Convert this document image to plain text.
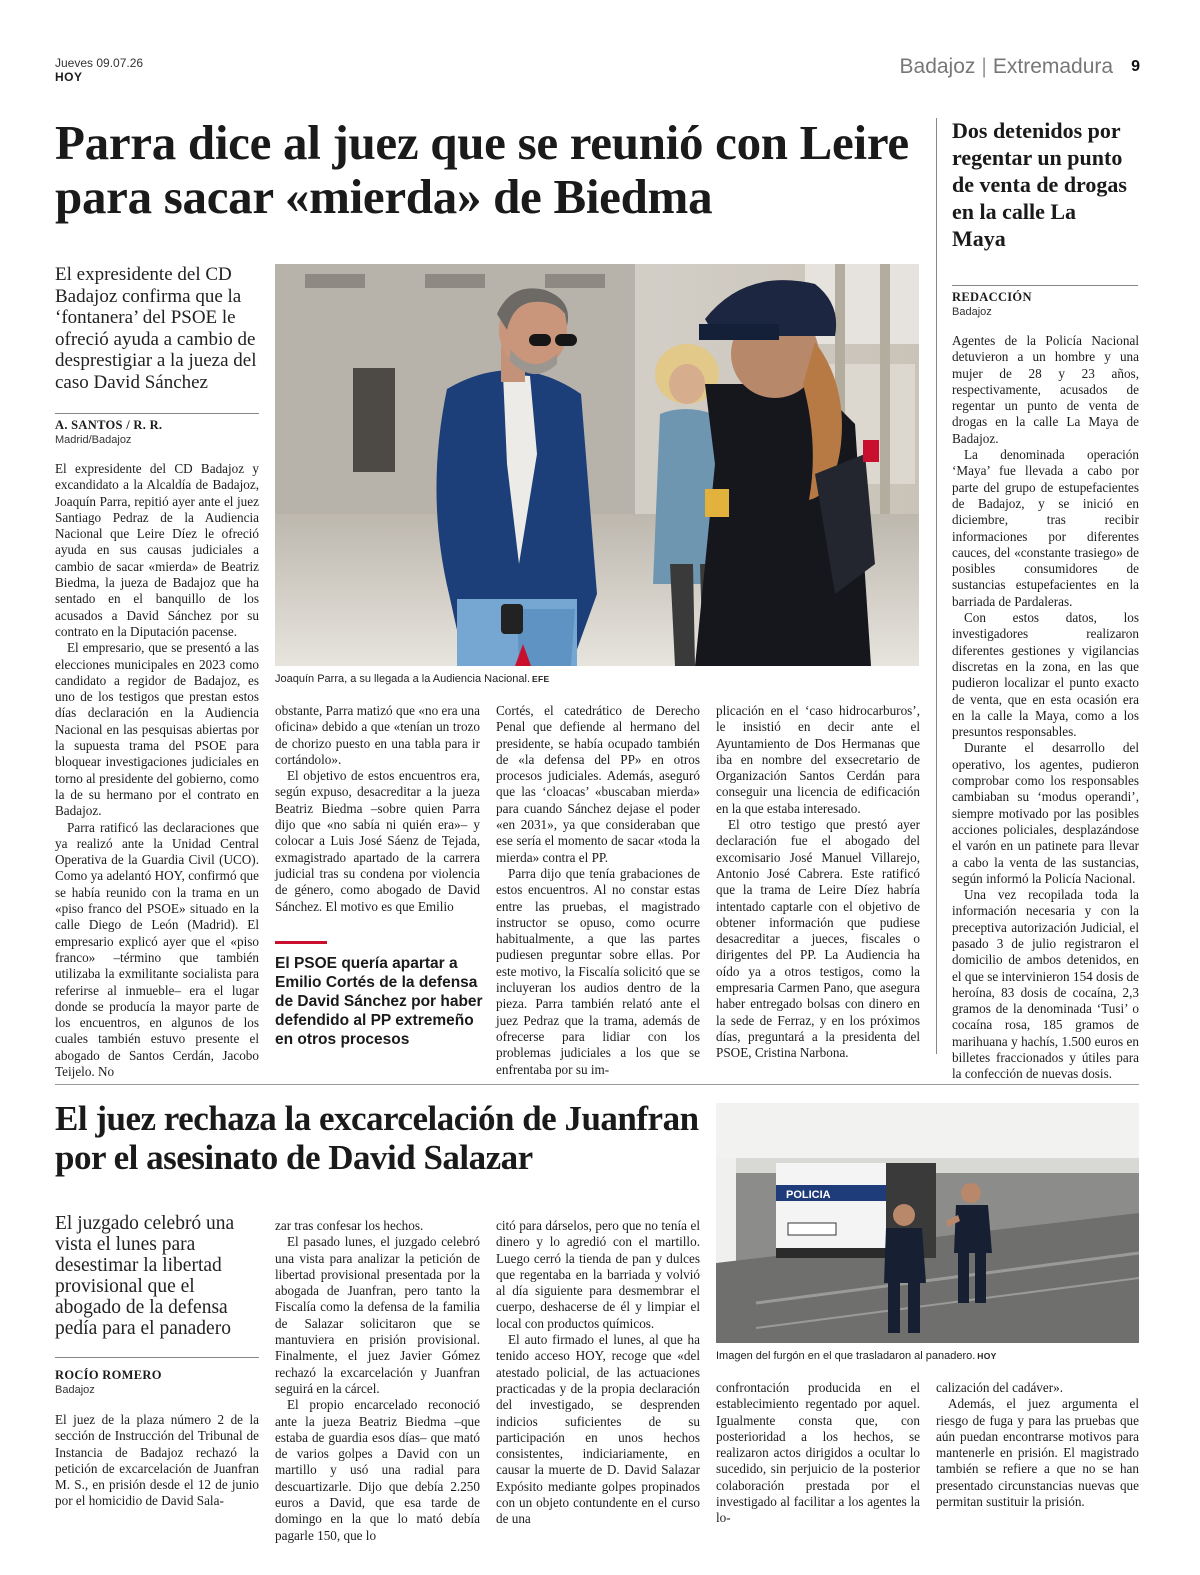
Jueves 09.07.26
HOY	Badajoz | Extremadura 9
Parra dice al juez que se reunió con Leire para sacar «mierda» de Biedma
El expresidente del CD Badajoz confirma que la ‘fontanera’ del PSOE le ofreció ayuda a cambio de desprestigiar a la jueza del caso David Sánchez
A. SANTOS / R. R.
Madrid/Badajoz
Joaquín Parra, a su llegada a la Audiencia Nacional. EFE

El expresidente del CD Badajoz y excandidato a la Alcaldía de Badajoz, Joaquín Parra, repitió ayer ante el juez Santiago Pedraz de la Audiencia Nacional que Leire Díez le ofreció ayuda en sus causas judiciales a cambio de sacar «mierda» de Beatriz Biedma, la jueza de Badajoz que ha sentado en el banquillo de los acusados a David Sánchez por su contrato en la Diputación pacense.

El empresario, que se presentó a las elecciones municipales en 2023 como candidato a regidor de Badajoz, es uno de los testigos que prestan estos días declaración en la Audiencia Nacional en las pesquisas abiertas por la supuesta trama del PSOE para bloquear investigaciones judiciales en torno al presidente del gobierno, como la de su hermano por el contrato en Badajoz.

Parra ratificó las declaraciones que ya realizó ante la Unidad Central Operativa de la Guardia Civil (UCO). Como ya adelantó HOY, confirmó que se había reunido con la trama en un «piso franco del PSOE» situado en la calle Diego de León (Madrid). El empresario explicó ayer que el «piso franco» –término que también utilizaba la exmilitante socialista para referirse al inmueble– era el lugar donde se producía la mayor parte de los encuentros, en algunos de los cuales también estuvo presente el abogado de Santos Cerdán, Jacobo Teijelo. No

obstante, Parra matizó que «no era una oficina» debido a que «tenían un trozo de chorizo puesto en una tabla para ir cortándolo».

El objetivo de estos encuentros era, según expuso, desacreditar a la jueza Beatriz Biedma –sobre quien Parra dijo que «no sabía ni quién era»– y colocar a Luis José Sáenz de Tejada, exmagistrado apartado de la carrera judicial tras su condena por violencia de género, como abogado de David Sánchez. El motivo es que Emilio

El PSOE quería apartar a Emilio Cortés de la defensa de David Sánchez por haber defendido al PP extremeño en otros procesos

Cortés, el catedrático de Derecho Penal que defiende al hermano del presidente, se había ocupado también de «la defensa del PP» en otros procesos judiciales. Además, aseguró que las ‘cloacas’ «buscaban mierda» para cuando Sánchez dejase el poder «en 2031», ya que consideraban que ese sería el momento de sacar «toda la mierda» contra el PP.

Parra dijo que tenía grabaciones de estos encuentros. Al no constar estas entre las pruebas, el magistrado instructor se opuso, como ocurre habitualmente, a que las partes pudiesen preguntar sobre ellas. Por este motivo, la Fiscalía solicitó que se incluyeran los audios dentro de la pieza. Parra también relató ante el juez Pedraz que la trama, además de ofrecerse para lidiar con los problemas judiciales a los que se enfrentaba por su im-

plicación en el ‘caso hidrocarburos’, le insistió en decir ante el Ayuntamiento de Dos Hermanas que iba en nombre del exsecretario de Organización Santos Cerdán para conseguir una licencia de edificación en la que estaba interesado.

El otro testigo que prestó ayer declaración fue el abogado del excomisario José Manuel Villarejo, Antonio José Cabrera. Este ratificó que la trama de Leire Díez habría intentado captarle con el objetivo de obtener información que pudiese desacreditar a jueces, fiscales o dirigentes del PP. La Audiencia ha oído ya a otros testigos, como la empresaria Carmen Pano, que asegura haber entregado bolsas con dinero en la sede de Ferraz, y en los próximos días, preguntará a la presidenta del PSOE, Cristina Narbona.

Dos detenidos por regentar un punto de venta de drogas en la calle La Maya
REDACCIÓN
Badajoz

Agentes de la Policía Nacional detuvieron a un hombre y una mujer de 28 y 23 años, respectivamente, acusados de regentar un punto de venta de drogas en la calle La Maya de Badajoz.

La denominada operación ‘Maya’ fue llevada a cabo por parte del grupo de estupefacientes de Badajoz, y se inició en diciembre, tras recibir informaciones por diferentes cauces, del «constante trasiego» de posibles consumidores de sustancias estupefacientes en la barriada de Pardaleras.

Con estos datos, los investigadores realizaron diferentes gestiones y vigilancias discretas en la zona, en las que pudieron localizar el punto exacto de venta, que en esta ocasión era en la calle la Maya, como a los presuntos responsables.

Durante el desarrollo del operativo, los agentes, pudieron comprobar como los responsables cambiaban su ‘modus operandi’, siempre motivado por las posibles acciones policiales, desplazándose el varón en un patinete para llevar a cabo la venta de las sustancias, según informó la Policía Nacional.

Una vez recopilada toda la información necesaria y con la preceptiva autorización Judicial, el pasado 3 de julio registraron el domicilio de ambos detenidos, en el que se intervinieron 154 dosis de heroína, 83 dosis de cocaína, 2,3 gramos de la denominada ‘Tusi’ o cocaína rosa, 185 gramos de marihuana y hachís, 1.500 euros en billetes fraccionados y útiles para la confección de nuevas dosis.

El juez rechaza la excarcelación de Juanfran por el asesinato de David Salazar
El juzgado celebró una vista el lunes para desestimar la libertad provisional que el abogado de la defensa pedía para el panadero
ROCÍO ROMERO
Badajoz

El juez de la plaza número 2 de la sección de Instrucción del Tribunal de Instancia de Badajoz rechazó la petición de excarcelación de Juanfran M. S., en prisión desde el 12 de junio por el homicidio de David Sala-

zar tras confesar los hechos.

El pasado lunes, el juzgado celebró una vista para analizar la petición de libertad provisional presentada por la abogada de Juanfran, pero tanto la Fiscalía como la defensa de la familia de Salazar solicitaron que se mantuviera en prisión provisional. Finalmente, el juez Javier Gómez rechazó la excarcelación y Juanfran seguirá en la cárcel.

El propio encarcelado reconoció ante la jueza Beatriz Biedma –que estaba de guardia esos días– que mató de varios golpes a David con un martillo y usó una radial para descuartizarle. Dijo que debía 2.250 euros a David, que esa tarde de domingo en la que lo mató debía pagarle 150, que lo

citó para dárselos, pero que no tenía el dinero y lo agredió con el martillo. Luego cerró la tienda de pan y dulces que regentaba en la barriada y volvió al día siguiente para desmembrar el cuerpo, deshacerse de él y limpiar el local con productos químicos.

El auto firmado el lunes, al que ha tenido acceso HOY, recoge que «del atestado policial, de las actuaciones practicadas y de la propia declaración del investigado, se desprenden indicios suficientes de su participación en unos hechos consistentes, indiciariamente, en causar la muerte de D. David Salazar Expósito mediante golpes propinados con un objeto contundente en el curso de una

POLICIA
Imagen del furgón en el que trasladaron al panadero. HOY

confrontación producida en el establecimiento regentado por aquel. Igualmente consta que, con posterioridad a los hechos, se realizaron actos dirigidos a ocultar lo sucedido, sin perjuicio de la posterior colaboración prestada por el investigado al facilitar a los agentes la lo-

calización del cadáver».

Además, el juez argumenta el riesgo de fuga y para las pruebas que aún puedan encontrarse motivos para mantenerle en prisión. El magistrado también se refiere a que no se han presentado circunstancias nuevas que permitan sustituir la prisión.
